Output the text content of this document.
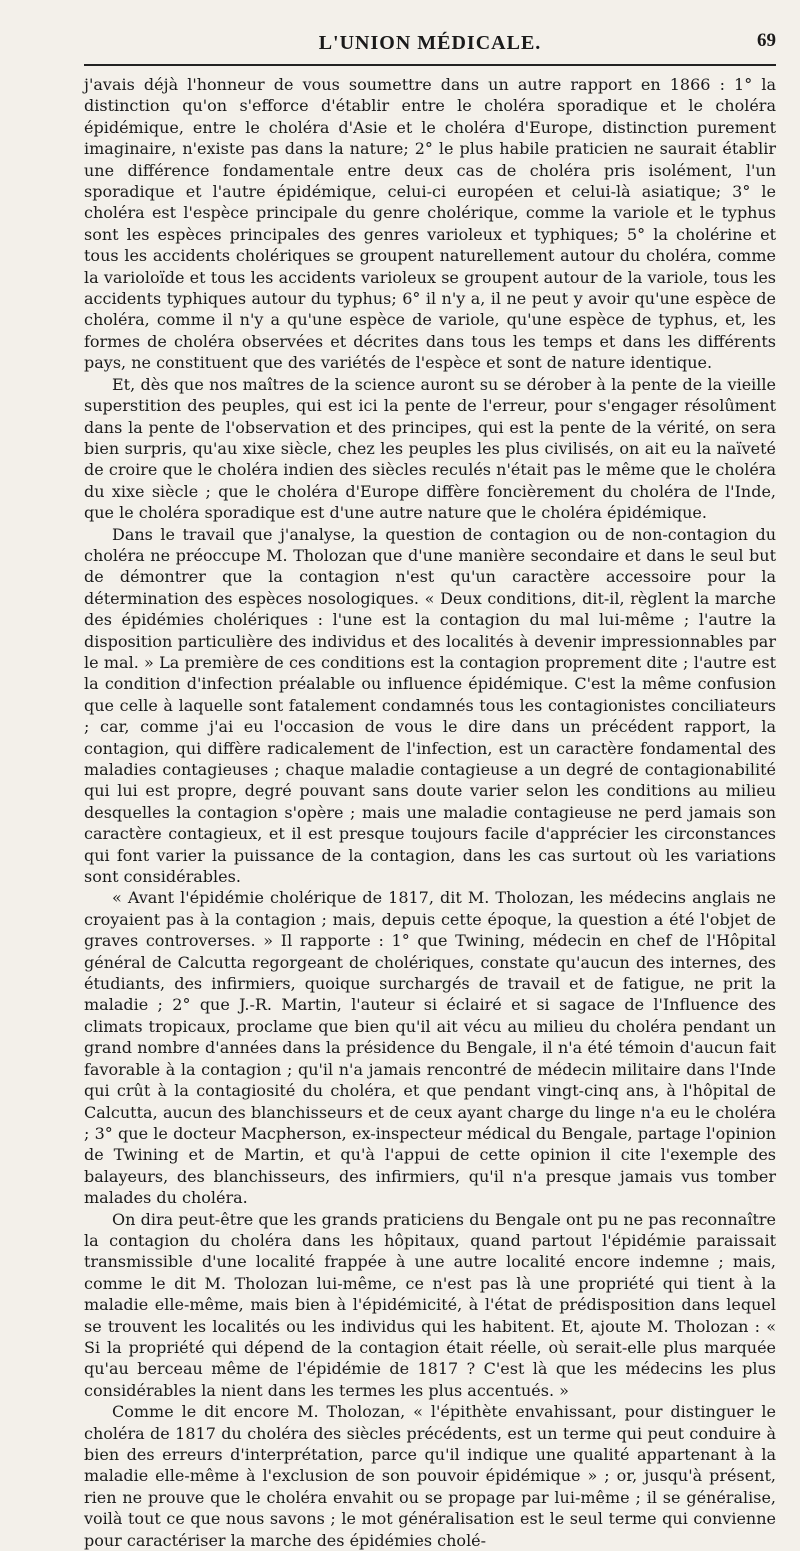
L'UNION MÉDICALE.	69

j'avais déjà l'honneur de vous soumettre dans un autre rapport en 1866 : 1° la distinction qu'on s'efforce d'établir entre le choléra sporadique et le choléra épidémique, entre le choléra d'Asie et le choléra d'Europe, distinction purement imaginaire, n'existe pas dans la nature; 2° le plus habile praticien ne saurait établir une différence fondamentale entre deux cas de choléra pris isolément, l'un sporadique et l'autre épidémique, celui-ci européen et celui-là asiatique; 3° le choléra est l'espèce principale du genre cholérique, comme la variole et le typhus sont les espèces principales des genres varioleux et typhiques; 5° la cholérine et tous les accidents cholériques se groupent naturellement autour du choléra, comme la varioloïde et tous les accidents varioleux se groupent autour de la variole, tous les accidents typhiques autour du typhus; 6° il n'y a, il ne peut y avoir qu'une espèce de choléra, comme il n'y a qu'une espèce de variole, qu'une espèce de typhus, et, les formes de choléra observées et décrites dans tous les temps et dans les différents pays, ne constituent que des variétés de l'espèce et sont de nature identique.

Et, dès que nos maîtres de la science auront su se dérober à la pente de la vieille superstition des peuples, qui est ici la pente de l'erreur, pour s'engager résolûment dans la pente de l'observation et des principes, qui est la pente de la vérité, on sera bien surpris, qu'au xixe siècle, chez les peuples les plus civilisés, on ait eu la naïveté de croire que le choléra indien des siècles reculés n'était pas le même que le choléra du xixe siècle ; que le choléra d'Europe diffère foncièrement du choléra de l'Inde, que le choléra sporadique est d'une autre nature que le choléra épidémique.

Dans le travail que j'analyse, la question de contagion ou de non-contagion du choléra ne préoccupe M. Tholozan que d'une manière secondaire et dans le seul but de démontrer que la contagion n'est qu'un caractère accessoire pour la détermination des espèces nosologiques. « Deux conditions, dit-il, règlent la marche des épidémies cholériques : l'une est la contagion du mal lui-même ; l'autre la disposition particulière des individus et des localités à devenir impressionnables par le mal. » La première de ces conditions est la contagion proprement dite ; l'autre est la condition d'infection préalable ou influence épidémique. C'est la même confusion que celle à laquelle sont fatalement condamnés tous les contagionistes conciliateurs ; car, comme j'ai eu l'occasion de vous le dire dans un précédent rapport, la contagion, qui diffère radicalement de l'infection, est un caractère fondamental des maladies contagieuses ; chaque maladie contagieuse a un degré de contagionabilité qui lui est propre, degré pouvant sans doute varier selon les conditions au milieu desquelles la contagion s'opère ; mais une maladie contagieuse ne perd jamais son caractère contagieux, et il est presque toujours facile d'apprécier les circonstances qui font varier la puissance de la contagion, dans les cas surtout où les variations sont considérables.

« Avant l'épidémie cholérique de 1817, dit M. Tholozan, les médecins anglais ne croyaient pas à la contagion ; mais, depuis cette époque, la question a été l'objet de graves controverses. » Il rapporte : 1° que Twining, médecin en chef de l'Hôpital général de Calcutta regorgeant de cholériques, constate qu'aucun des internes, des étudiants, des infirmiers, quoique surchargés de travail et de fatigue, ne prit la maladie ; 2° que J.-R. Martin, l'auteur si éclairé et si sagace de l'Influence des climats tropicaux, proclame que bien qu'il ait vécu au milieu du choléra pendant un grand nombre d'années dans la présidence du Bengale, il n'a été témoin d'aucun fait favorable à la contagion ; qu'il n'a jamais rencontré de médecin militaire dans l'Inde qui crût à la contagiosité du choléra, et que pendant vingt-cinq ans, à l'hôpital de Calcutta, aucun des blanchisseurs et de ceux ayant charge du linge n'a eu le choléra ; 3° que le docteur Macpherson, ex-inspecteur médical du Bengale, partage l'opinion de Twining et de Martin, et qu'à l'appui de cette opinion il cite l'exemple des balayeurs, des blanchisseurs, des infirmiers, qu'il n'a presque jamais vus tomber malades du choléra.

On dira peut-être que les grands praticiens du Bengale ont pu ne pas reconnaître la contagion du choléra dans les hôpitaux, quand partout l'épidémie paraissait transmissible d'une localité frappée à une autre localité encore indemne ; mais, comme le dit M. Tholozan lui-même, ce n'est pas là une propriété qui tient à la maladie elle-même, mais bien à l'épidémicité, à l'état de prédisposition dans lequel se trouvent les localités ou les individus qui les habitent. Et, ajoute M. Tholozan : « Si la propriété qui dépend de la contagion était réelle, où serait-elle plus marquée qu'au berceau même de l'épidémie de 1817 ? C'est là que les médecins les plus considérables la nient dans les termes les plus accentués. »

Comme le dit encore M. Tholozan, « l'épithète envahissant, pour distinguer le choléra de 1817 du choléra des siècles précédents, est un terme qui peut conduire à bien des erreurs d'interprétation, parce qu'il indique une qualité appartenant à la maladie elle-même à l'exclusion de son pouvoir épidémique » ; or, jusqu'à présent, rien ne prouve que le choléra envahit ou se propage par lui-même ; il se généralise, voilà tout ce que nous savons ; le mot généralisation est le seul terme qui convienne pour caractériser la marche des épidémies cholé-
